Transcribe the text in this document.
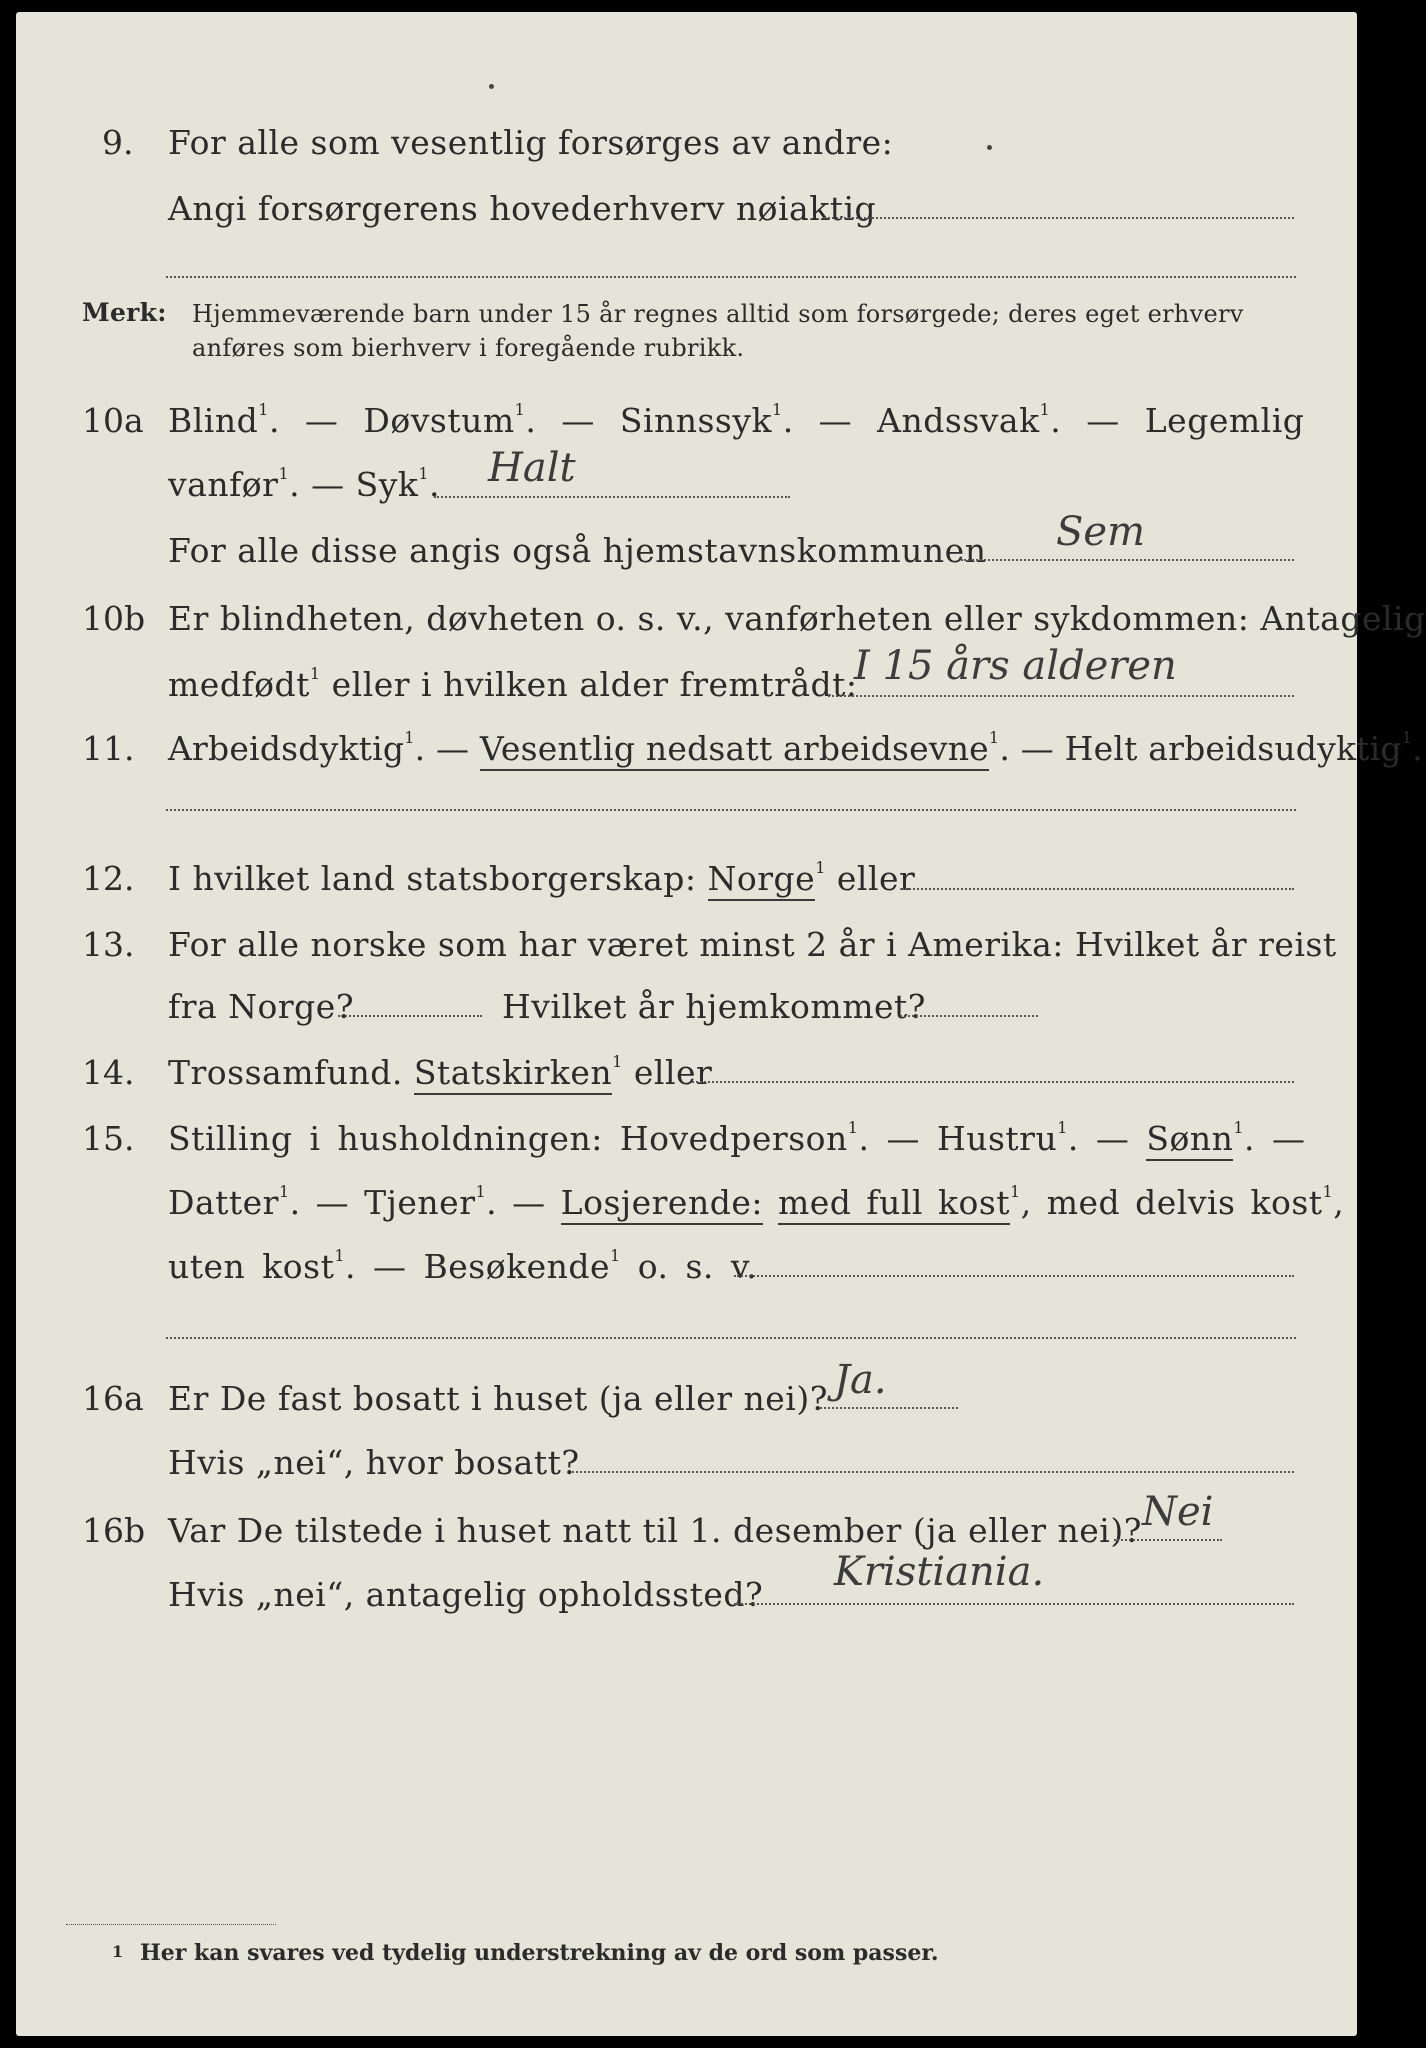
9. For alle som vesentlig forsørges av andre:
Angi forsørgerens hovederhverv nøiaktig
Merk: Hjemmeværende barn under 15 år regnes alltid som forsørgede; deres eget erhverv
anføres som bierhverv i foregående rubrikk.
10a Blind$^1$. — Døvstum$^1$. — Sinnssyk$^1$. — Andssvak$^1$. — Legemlig
vanfør$^1$. — Syk$^1$. Halt
For alle disse angis også hjemstavnskommunen Sem
10b Er blindheten, døvheten o. s. v., vanførheten eller sykdommen: Antagelig
medfødt$^1$ eller i hvilken alder fremtrådt:
I 15 års alderen
11. Arbeidsdyktig$^1$. — Vesentlig nedsatt arbeidsevne$^1$. — Helt arbeidsudyktig$^1$.
12. I hvilket land statsborgerskap: Norge$^1$ eller
13. For alle norske som har været minst 2 år i Amerika: Hvilket år reist
fra Norge?	Hvilket år hjemkommet?
14. Trossamfund. Statskirken$^1$ eller
15. Stilling i husholdningen: Hovedperson$^1$. — Hustru$^1$. — Sønn$^1$. —
Datter$^1$. — Tjener$^1$. — Losjerende: med full kost$^1$, med delvis kost$^1$,
uten kost$^1$. — Besøkende$^1$ o. s. v.
16a Er De fast bosatt i huset (ja eller nei)? Ja.
Hvis „nei“, hvor bosatt?
16b Var De tilstede i huset natt til 1. desember (ja eller nei)? Nei
Hvis „nei“, antagelig opholdssted? Kristiania.
1 Her kan svares ved tydelig understrekning av de ord som passer.
